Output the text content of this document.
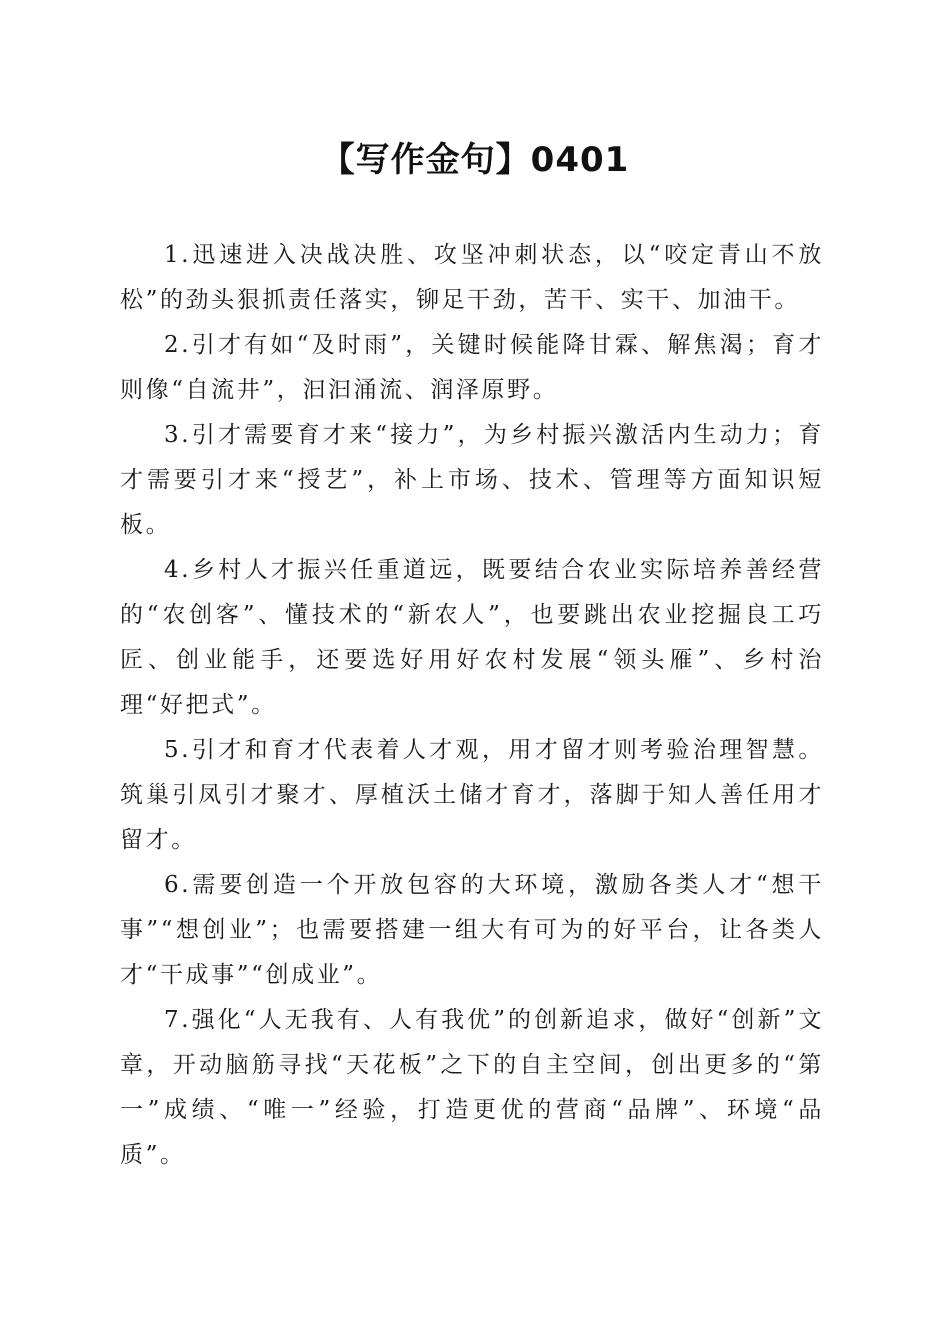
【写作金句】0401

1.迅速进入决战决胜、攻坚冲刺状态，以“咬定青山不放松”的劲头狠抓责任落实，铆足干劲，苦干、实干、加油干。

2.引才有如“及时雨”，关键时候能降甘霖、解焦渴；育才则像“自流井”，汩汩涌流、润泽原野。

3.引才需要育才来“接力”，为乡村振兴激活内生动力；育才需要引才来“授艺”，补上市场、技术、管理等方面知识短板。

4.乡村人才振兴任重道远，既要结合农业实际培养善经营的“农创客”、懂技术的“新农人”，也要跳出农业挖掘良工巧匠、创业能手，还要选好用好农村发展“领头雁”、乡村治理“好把式”。

5.引才和育才代表着人才观，用才留才则考验治理智慧。筑巢引凤引才聚才、厚植沃土储才育才，落脚于知人善任用才留才。

6.需要创造一个开放包容的大环境，激励各类人才“想干事”“想创业”；也需要搭建一组大有可为的好平台，让各类人才“干成事”“创成业”。

7.强化“人无我有、人有我优”的创新追求，做好“创新”文章，开动脑筋寻找“天花板”之下的自主空间，创出更多的“第一”成绩、“唯一”经验，打造更优的营商“品牌”、环境“品质”。
